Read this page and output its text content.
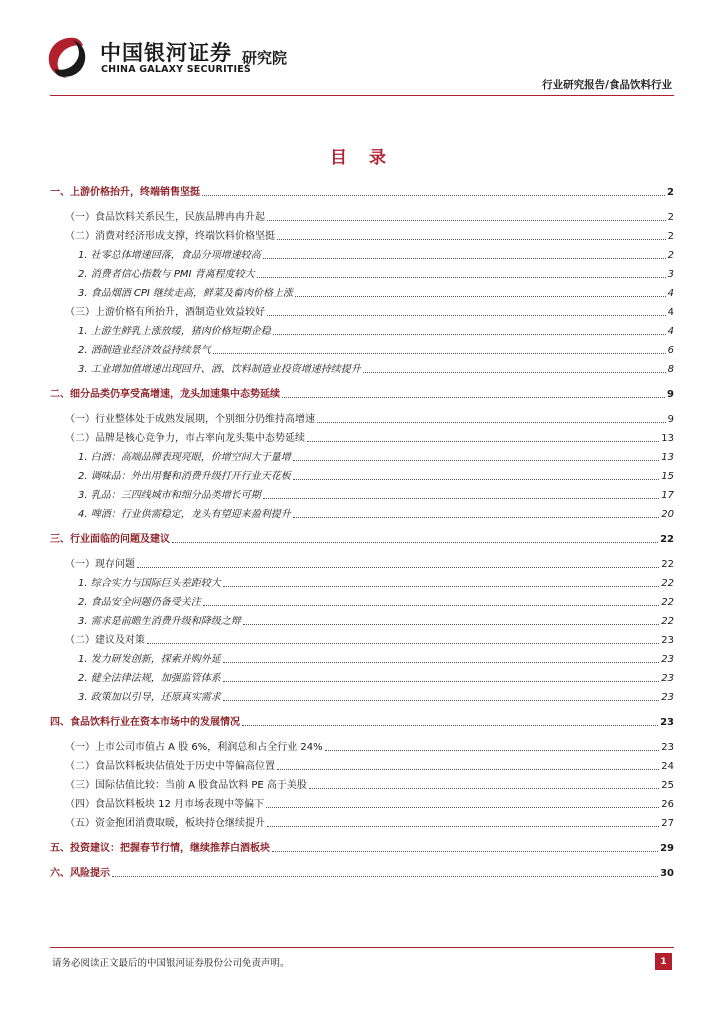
中国银河证券 研究院
CHINA GALAXY SECURITIES
行业研究报告/食品饮料行业
目 录
一、上游价格抬升，终端销售坚挺	2
（一）食品饮料关系民生，民族品牌冉冉升起	2
（二）消费对经济形成支撑，终端饮料价格坚挺	2
1. 社零总体增速回落，食品分项增速较高	2
2. 消费者信心指数与 PMI 背离程度较大	3
3. 食品烟酒 CPI 继续走高，鲜菜及畜肉价格上涨	4
（三）上游价格有所抬升，酒制造业效益较好	4
1. 上游生鲜乳上涨放缓，猪肉价格短期企稳	4
2. 酒制造业经济效益持续景气	6
3. 工业增加值增速出现回升、酒、饮料制造业投资增速持续提升	8
二、细分品类仍享受高增速，龙头加速集中态势延续	9
（一）行业整体处于成熟发展期，个别细分仍维持高增速	9
（二）品牌是核心竞争力，市占率向龙头集中态势延续	13
1. 白酒：高端品牌表现亮眼，价增空间大于量增	13
2. 调味品：外出用餐和消费升级打开行业天花板	15
3. 乳品：三四线城市和细分品类增长可期	17
4. 啤酒：行业供需稳定，龙头有望迎来盈利提升	20
三、行业面临的问题及建议	22
（一）现存问题	22
1. 综合实力与国际巨头差距较大	22
2. 食品安全问题仍备受关注	22
3. 需求是前瞻生消费升级和降级之辩	22
（二）建议及对策	23
1. 发力研发创新，探索并购外延	23
2. 健全法律法规，加强监管体系	23
3. 政策加以引导，还原真实需求	23
四、食品饮料行业在资本市场中的发展情况	23
（一）上市公司市值占 A 股 6%，利润总和占全行业 24%	23
（二）食品饮料板块估值处于历史中等偏高位置	24
（三）国际估值比较：当前 A 股食品饮料 PE 高于美股	25
（四）食品饮料板块 12 月市场表现中等偏下	26
（五）资金抱团消费取暖，板块持仓继续提升	27
五、投资建议：把握春节行情，继续推荐白酒板块	29
六、风险提示	30
请务必阅读正文最后的中国银河证券股份公司免责声明。	1
